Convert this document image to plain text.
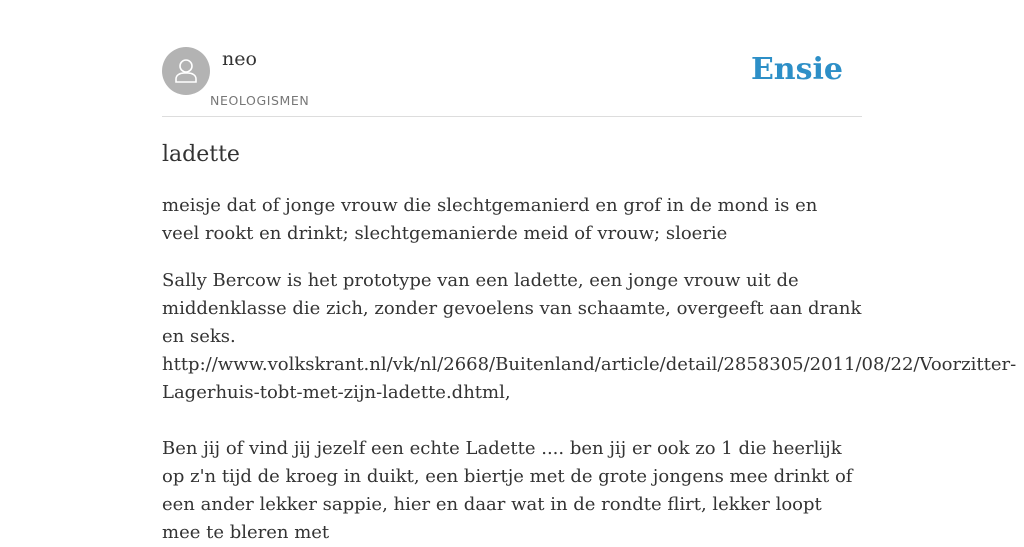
neo
NEOLOGISMEN
Ensie
ladette

meisje dat of jonge vrouw die slechtgemanierd en grof in de mond is en veel rookt en drinkt; slechtgemanierde meid of vrouw; sloerie

Sally Bercow is het prototype van een ladette, een jonge vrouw uit de middenklasse die zich, zonder gevoelens van schaamte, overgeeft aan drank en seks.

http://www.volkskrant.nl/vk/nl/2668/Buitenland/article/detail/2858305/2011/08/22/Voorzitter-
Lagerhuis-tobt-met-zijn-ladette.dhtml,

Ben jij of vind jij jezelf een echte Ladette .... ben jij er ook zo 1 die heerlijk op z'n tijd de kroeg in duikt, een biertje met de grote jongens mee drinkt of een ander lekker sappie, hier en daar wat in de rondte flirt, lekker loopt mee te bleren met
